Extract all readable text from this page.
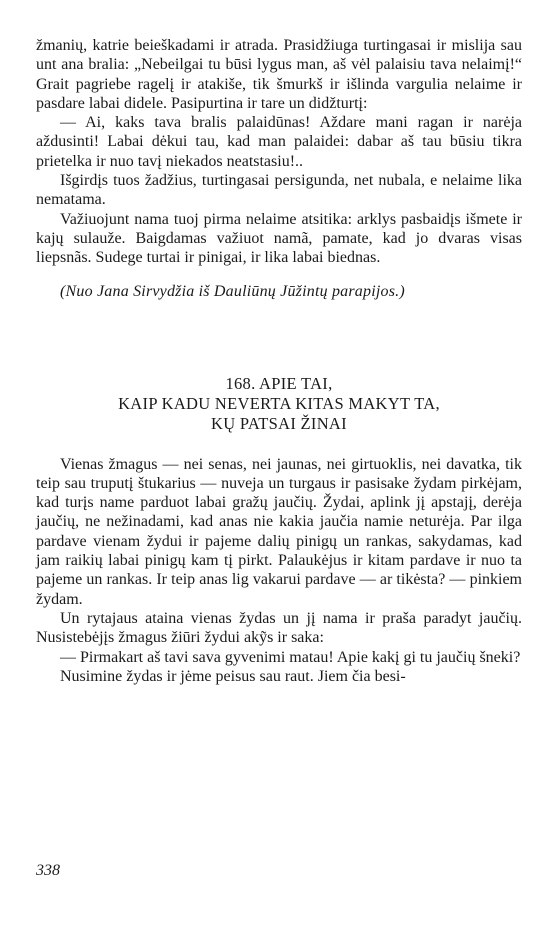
žmanių, katrie beieškadami ir atrada. Prasidžiuga turtingasai ir mislija sau unt ana bralia: „Nebeilgai tu būsi lygus man, aš vėl palaisiu tava nelaimį!“ Grait pagriebe ragelį ir atakiše, tik šmurkš ir išlinda vargulia nelaime ir pasdare labai didele. Pasipurtina ir tare un didžturtį:

— Ai, kaks tava bralis palaidūnas! Aždare mani ragan ir narėja aždusinti! Labai dėkui tau, kad man palaidei: dabar aš tau būsiu tikra prietelka ir nuo tavį niekados neatstasiu!..

Išgirdįs tuos žadžius, turtingasai persigunda, net nubala, e nelaime lika nematama.

Važiuojunt nama tuoj pirma nelaime atsitika: arklys pasbaidįs išmete ir kajų sulauže. Baigdamas važiuot namã, pamate, kad jo dvaras visas liepsnãs. Sudege turtai ir pinigai, ir lika labai biednas.

(Nuo Jana Sirvydžia iš Dauliūnų Jūžintų parapijos.)
168. APIE TAI,
KAIP KADU NEVERTA KITAS MAKYT TA,
KŲ PATSAI ŽINAI

Vienas žmagus — nei senas, nei jaunas, nei girtuoklis, nei davatka, tik teip sau truputį štukarius — nuveja un turgaus ir pasisake žydam pirkėjam, kad turįs name parduot labai gražų jaučių. Žydai, aplink jį apstajį, derėja jaučių, ne nežinadami, kad anas nie kakia jaučia namie neturėja. Par ilga pardave vienam žydui ir pajeme dalių pinigų un rankas, sakydamas, kad jam raikių labai pinigų kam tį pirkt. Palaukėjus ir kitam pardave ir nuo ta pajeme un rankas. Ir teip anas lig vakarui pardave — ar tikėsta? — pinkiem žydam.

Un rytajaus ataina vienas žydas un jį nama ir praša paradyt jaučių. Nusistebėjįs žmagus žiūri žydui akỹs ir saka:

— Pirmakart aš tavi sava gyvenimi matau! Apie kakį gi tu jaučių šneki?

Nusimine žydas ir jėme peisus sau raut. Jiem čia besi-

338
